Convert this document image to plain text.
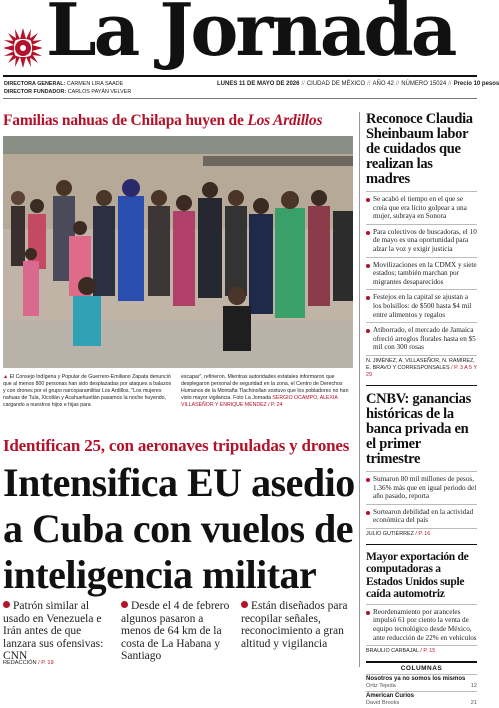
La Jornada
DIRECTORA GENERAL: CARMEN LIRA SAADE
DIRECTOR FUNDADOR: CARLOS PAYÁN VELVER
LUNES 11 DE MAYO DE 2026 // CIUDAD DE MÉXICO // AÑO 42 // NÚMERO 15024 // Precio 10 pesos
Familias nahuas de Chilapa huyen de Los Ardillos
▲ El Consejo Indígena y Popular de Guerrero-Emiliano Zapata denunció que al menos 800 personas han sido desplazadas por ataques a balazos y con drones por el grupo narcoparamilitar Los Ardillos. "Los mujeres nahuas de Tula, Xicotlán y Acahuehuetlán pasamos la noche huyendo, cargando a nuestros hijos e hijas para
escapar", refirieron. Mientras autoridades estatales informaron que desplegaron personal de seguridad en la zona, el Centro de Derechos Humanos de la Montaña Tlachinollan sostuvo que los pobladores no han visto mayor vigilancia. Foto La Jornada SERGIO OCAMPO, ALEXIA VILLASEÑOR Y ENRIQUE MÉNDEZ / P. 24
Identifican 25, con aeronaves tripuladas y drones
Intensifica EU asedio a Cuba con vuelos de inteligencia militar
Patrón similar al usado en Venezuela e Irán antes de que lanzara sus ofensivas: CNN
Desde el 4 de febrero algunos pasaron a menos de 64 km de la costa de La Habana y Santiago
Están diseñados para recopilar señales, reconocimiento a gran altitud y vigilancia
REDACCIÓN / P. 19
Reconoce Claudia Sheinbaum labor de cuidados que realizan las madres
Se acabó el tiempo en el que se creía que era lícito golpear a una mujer, subraya en Sonora
Para colectivos de buscadoras, el 10 de mayo es una oportunidad para alzar la voz y exigir justicia
Movilizaciones en la CDMX y siete estados; también marchan por migrantes desaparecidos
Festejos en la capital se ajustan a los bolsillos: de $500 hasta $4 mil entre alimentos y regalos
Atiborrado, el mercado de Jamaica ofreció arreglos florales hasta en $5 mil con 300 rosas
N. JIMÉNEZ, A. VILLASEÑOR, N. RAMÍREZ, E. BRAVO Y CORRESPONSALES / P. 3 A 5 Y 29
CNBV: ganancias históricas de la banca privada en el primer trimestre
Sumaron 80 mil millones de pesos, 1.36% más que en igual periodo del año pasado, reporta
Sortearon debilidad en la actividad económica del país
JULIO GUTIÉRREZ / P. 16
Mayor exportación de computadoras a Estados Unidos suple caída automotriz
Reordenamiento por aranceles impulsó 61 por ciento la venta de equipo tecnológico desde México, ante reducción de 22% en vehículos
BRAULIO CARBAJAL / P. 15
COLUMNAS
Nosotros ya no somos los mismos
Ortiz Tejeda	12
American Curios
David Brooks	21
